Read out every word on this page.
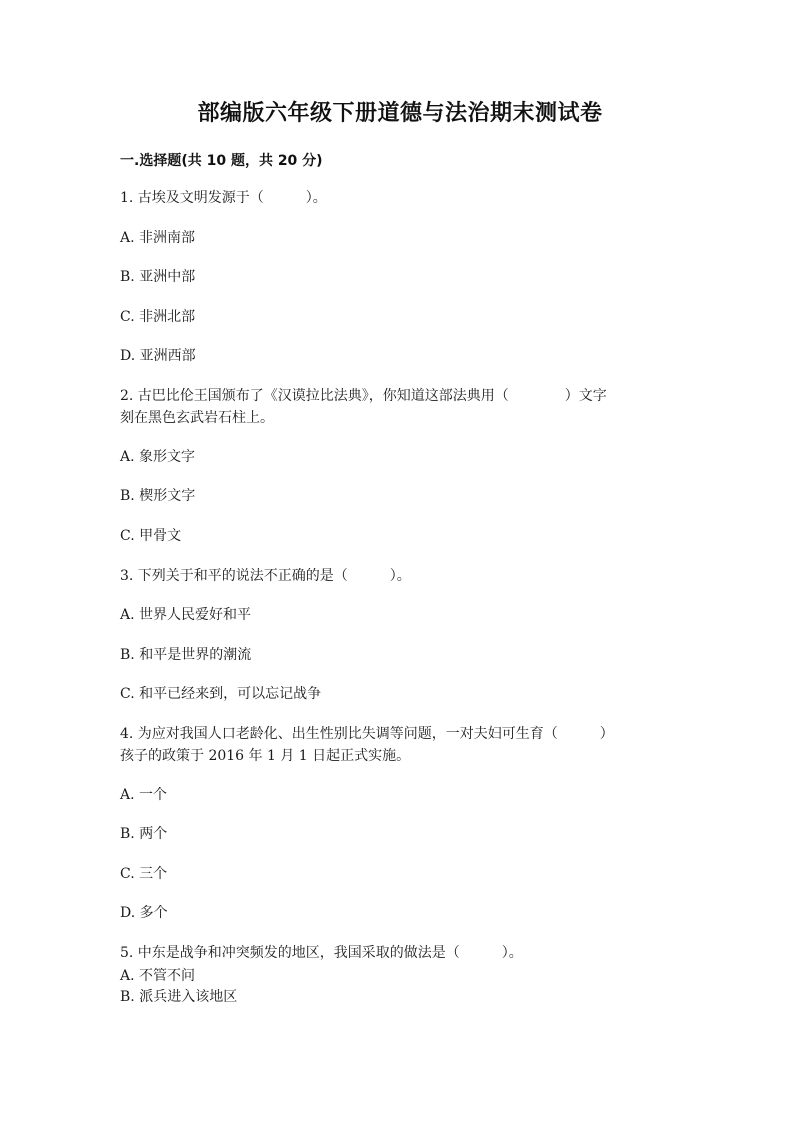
部编版六年级下册道德与法治期末测试卷
一.选择题(共 10 题，共 20 分)
1. 古埃及文明发源于（　　　）。
A. 非洲南部
B. 亚洲中部
C. 非洲北部
D. 亚洲西部
2. 古巴比伦王国颁布了《汉谟拉比法典》，你知道这部法典用（　　　　）文字
刻在黑色玄武岩石柱上。
A. 象形文字
B. 楔形文字
C. 甲骨文
3. 下列关于和平的说法不正确的是（　　　）。
A. 世界人民爱好和平
B. 和平是世界的潮流
C. 和平已经来到，可以忘记战争
4. 为应对我国人口老龄化、出生性别比失调等问题，一对夫妇可生育（　　　）
孩子的政策于 2016 年 1 月 1 日起正式实施。
A. 一个
B. 两个
C. 三个
D. 多个
5. 中东是战争和冲突频发的地区，我国采取的做法是（　　　）。
A. 不管不问
B. 派兵进入该地区
